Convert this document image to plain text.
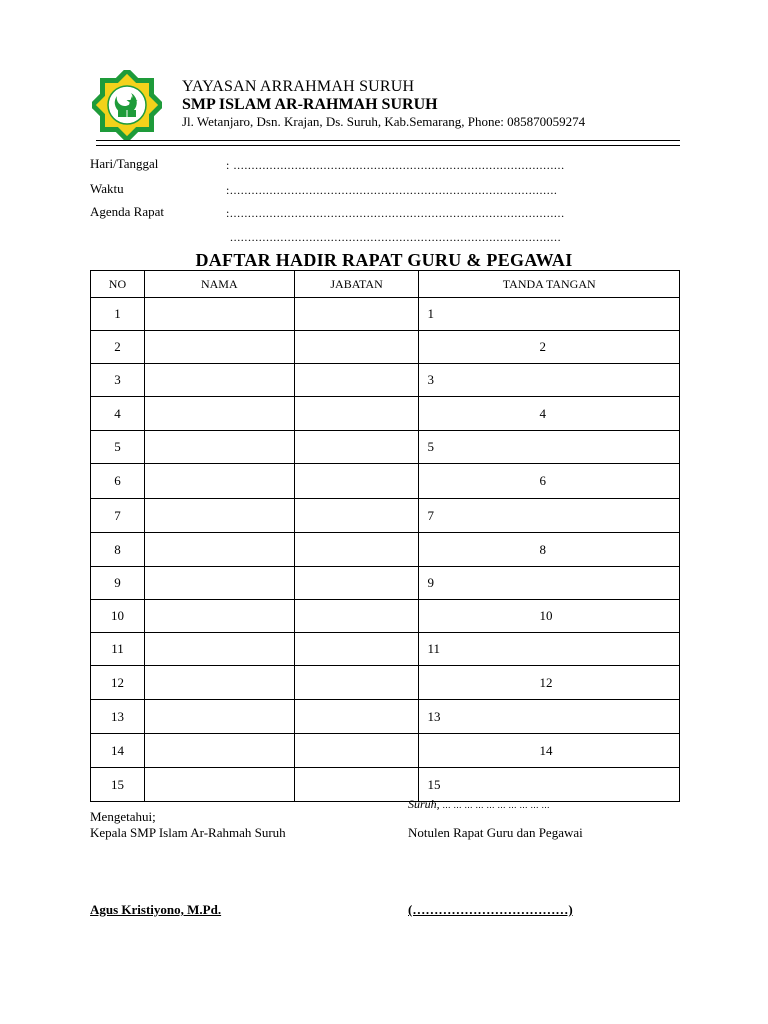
YAYASAN ARRAHMAH SURUH
SMP ISLAM AR-RAHMAH SURUH
Jl. Wetanjaro, Dsn. Krajan, Ds. Suruh, Kab.Semarang, Phone: 085870059274
Hari/Tanggal	: ............................................................................................
Waktu	:...........................................................................................
Agenda Rapat	:.............................................................................................
............................................................................................
DAFTAR HADIR RAPAT GURU & PEGAWAI
NO	NAMA	JABATAN	TANDA TANGAN
1			1

2			2

3			3

4			4

5			5

6			6

7			7

8			8

9			9

10			10

11			11

12			12

13			13

14			14

15			15
Suruh, ... ... ... ... ... ... ... ... ... ...
Mengetahui;
Kepala SMP Islam Ar-Rahmah Suruh	Notulen Rapat Guru dan Pegawai
Agus Kristiyono, M.Pd.	(………………………………)
